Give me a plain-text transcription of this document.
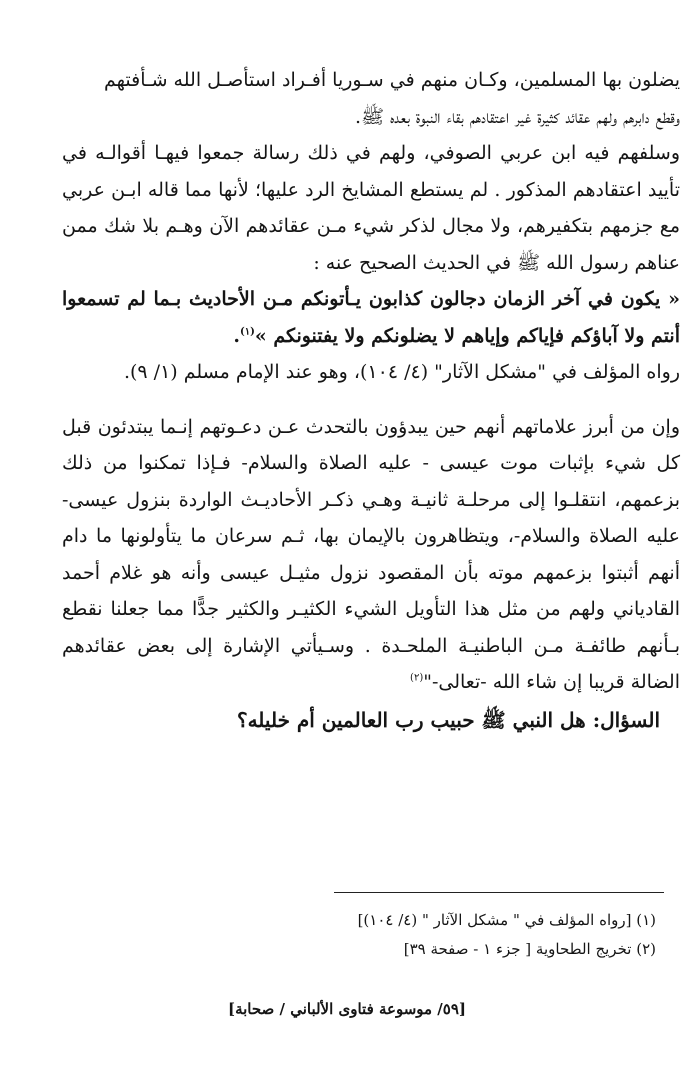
يضلون بها المسلمين، وكـان منهم في سـوريا أفـراد استأصـل الله شـأفتهم
وقطع دابرهم ولهم عقائد كثيرة غير اعتقادهم بقاء النبوة بعده ﷺ.

وسلفهم فيه ابن عربي الصوفي، ولهم في ذلك رسالة جمعوا فيهـا أقوالـه في تأييد اعتقادهم المذكور . لم يستطع المشايخ الرد عليها؛ لأنها مما قاله ابـن عربي مع جزمهم بتكفيرهم، ولا مجال لذكر شيء مـن عقائدهم الآن وهـم بلا شك ممن عناهم رسول الله ﷺ في الحديث الصحيح عنه :

« يكون في آخر الزمان دجالون كذابون يـأتونكم مـن الأحاديث بـما لم تسمعوا أنتم ولا آباؤكم فإياكم وإياهم لا يضلونكم ولا يفتنونكم »$^{(١)}$.

رواه المؤلف في "مشكل الآثار" (٤/ ١٠٤)، وهو عند الإمام مسلم (١/ ٩).

وإن من أبرز علاماتهم أنهم حين يبدؤون بالتحدث عـن دعـوتهم إنـما يبتدئون قبل كل شيء بإثبات موت عيسى - عليه الصلاة والسلام- فـإذا تمكنوا من ذلك بزعمهم، انتقلـوا إلى مرحلـة ثانيـة وهـي ذكـر الأحاديـث الواردة بنزول عيسى- عليه الصلاة والسلام-، ويتظاهرون بالإيمان بها، ثـم سرعان ما يتأولونها ما دام أنهم أثبتوا بزعمهم موته بأن المقصود نزول مثيـل عيسى وأنه هو غلام أحمد القادياني ولهم من مثل هذا التأويل الشيء الكثيـر والكثير جدًّا مما جعلنا نقطع بـأنهم طائفـة مـن الباطنيـة الملحـدة . وسـيأتي الإشارة إلى بعض عقائدهم الضالة قريبا إن شاء الله -تعالى-"$^{(٢)}$

السؤال: هل النبي ﷺ حبيب رب العالمين أم خليله؟

(١) [رواه المؤلف في " مشكل الآثار " (٤/ ١٠٤)]

(٢) تخريج الطحاوية [ جزء ١ - صفحة ٣٩]

[٥٩/ موسوعة فتاوى الألباني / صحابة]
